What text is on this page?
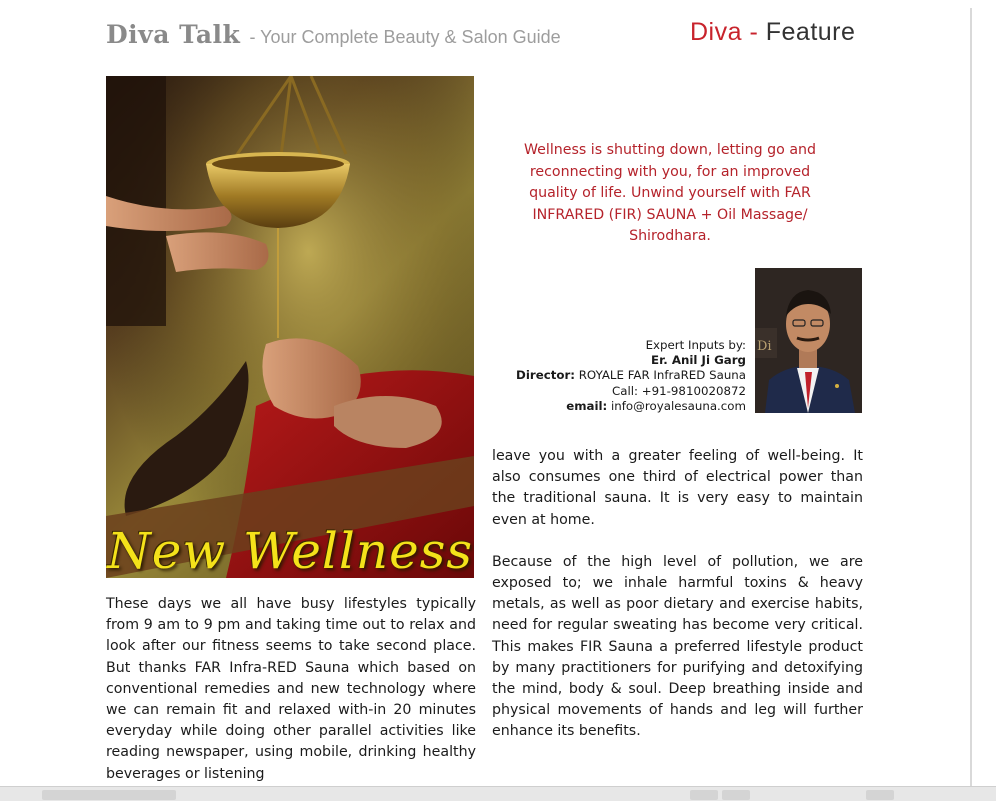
Diva Talk - Your Complete Beauty & Salon Guide	Diva - Feature
New Wellness
Wellness is shutting down, letting go and reconnecting with you, for an improved quality of life. Unwind yourself with FAR INFRARED (FIR) SAUNA + Oil Massage/ Shirodhara.
Expert Inputs by:
Er. Anil Ji Garg
Director: ROYALE FAR InfraRED Sauna
Call: +91-9810020872
email: info@royalesauna.com
Di

These days we all have busy lifestyles typically from 9 am to 9 pm and taking time out to relax and look after our fitness seems to take second place. But thanks FAR Infra-RED Sauna which based on conventional remedies and new technology where we can remain fit and relaxed with-in 20 minutes everyday while doing other parallel activities like reading newspaper, using mobile, drinking healthy beverages or listening

leave you with a greater feeling of well-being. It also consumes one third of electrical power than the traditional sauna. It is very easy to maintain even at home.

Because of the high level of pollution, we are exposed to; we inhale harmful toxins & heavy metals, as well as poor dietary and exercise habits, need for regular sweating has become very critical. This makes FIR Sauna a preferred lifestyle product by many practitioners for purifying and detoxifying the mind, body & soul. Deep breathing inside and physical movements of hands and leg will further enhance its benefits.
